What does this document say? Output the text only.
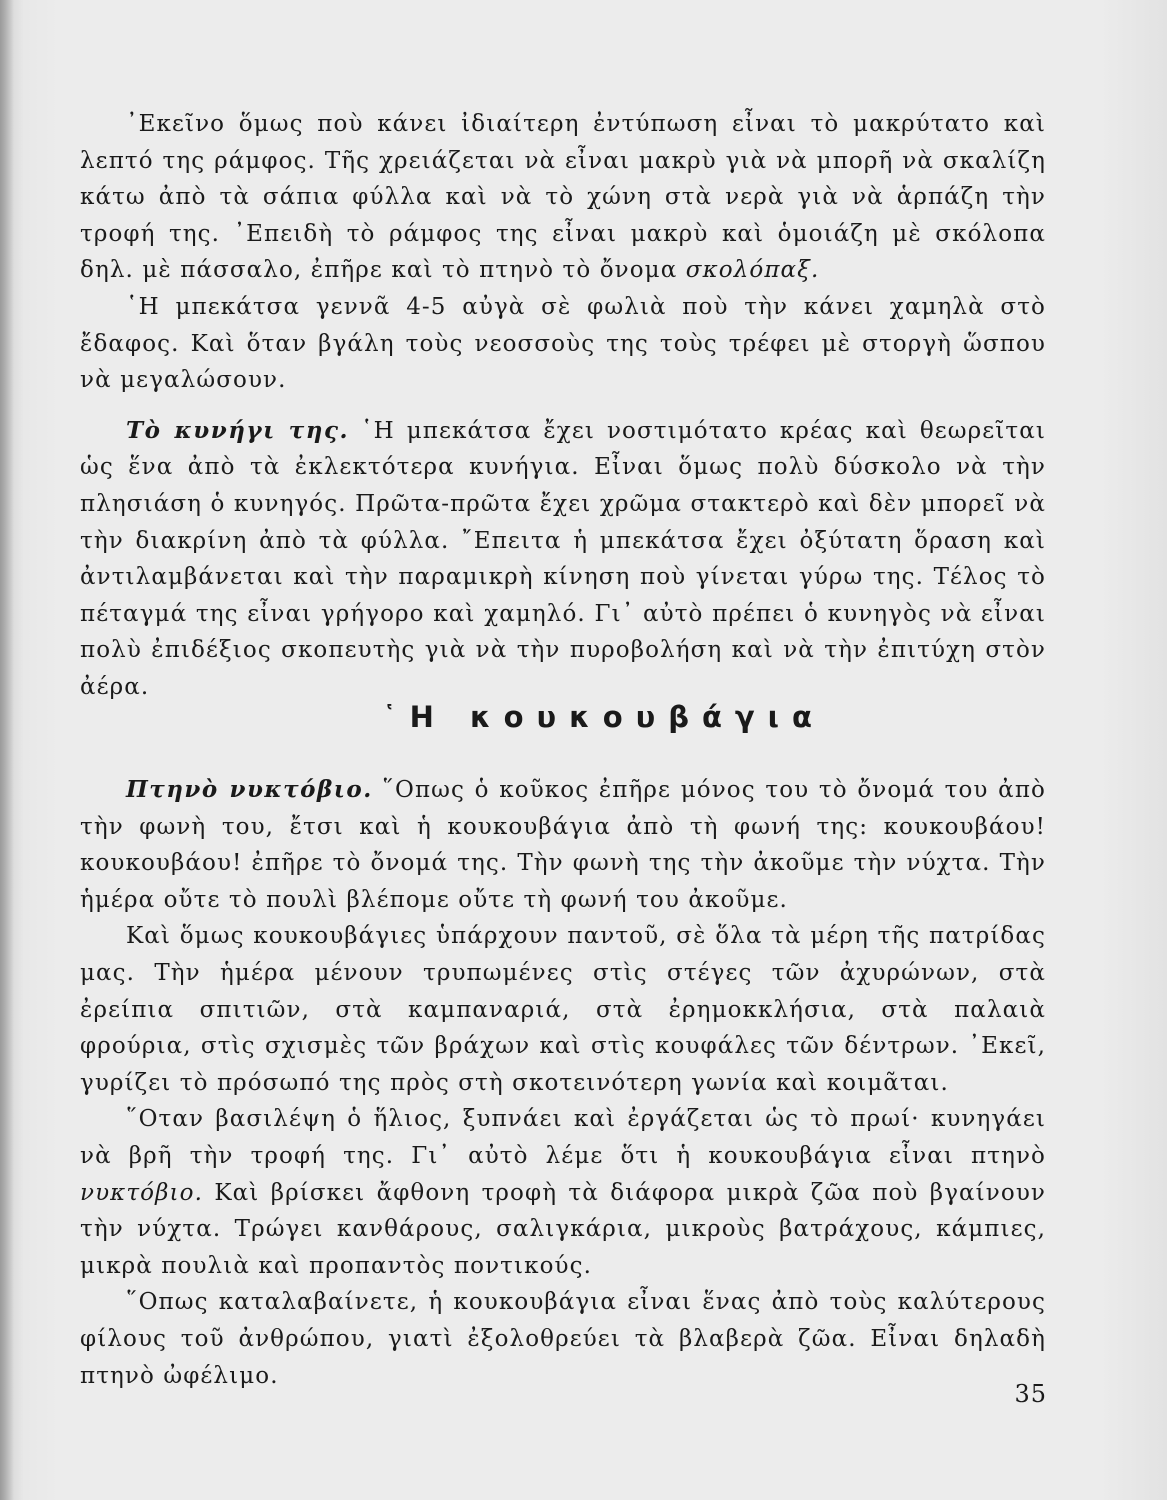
᾿Εκεῖνο ὅμως ποὺ κάνει ἰδιαίτερη ἐντύπωση εἶναι τὸ μακρύτατο καὶ λεπτό της ράμφος. Τῆς χρειάζεται νὰ εἶναι μακρὺ γιὰ νὰ μπορῆ νὰ σκαλίζη κάτω ἀπὸ τὰ σάπια φύλλα καὶ νὰ τὸ χώνη στὰ νερὰ γιὰ νὰ ἁρπάζη τὴν τροφή της. ᾿Επειδὴ τὸ ράμφος της εἶναι μακρὺ καὶ ὁμοιάζη μὲ σκόλοπα δηλ. μὲ πάσσαλο, ἐπῆρε καὶ τὸ πτηνὸ τὸ ὄνομα σκολόπαξ.

῾Η μπεκάτσα γεννᾶ 4-5 αὐγὰ σὲ φωλιὰ ποὺ τὴν κάνει χαμηλὰ στὸ ἔδαφος. Καὶ ὅταν βγάλη τοὺς νεοσσοὺς της τοὺς τρέφει μὲ στοργὴ ὥσπου νὰ μεγαλώσουν.

Τὸ κυνήγι της. ῾Η μπεκάτσα ἔχει νοστιμότατο κρέας καὶ θεωρεῖται ὡς ἕνα ἀπὸ τὰ ἐκλεκτότερα κυνήγια. Εἶναι ὅμως πολὺ δύσκολο νὰ τὴν πλησιάση ὁ κυνηγός. Πρῶτα-πρῶτα ἔχει χρῶμα στακτερὸ καὶ δὲν μπορεῖ νὰ τὴν διακρίνη ἀπὸ τὰ φύλλα. ῎Επειτα ἡ μπεκάτσα ἔχει ὀξύτατη ὅραση καὶ ἀντιλαμβάνεται καὶ τὴν παραμικρὴ κίνηση ποὺ γίνεται γύρω της. Τέλος τὸ πέταγμά της εἶναι γρήγορο καὶ χαμηλό. Γι᾿ αὐτὸ πρέπει ὁ κυνηγὸς νὰ εἶναι πολὺ ἐπιδέξιος σκοπευτὴς γιὰ νὰ τὴν πυροβολήση καὶ νὰ τὴν ἐπιτύχη στὸν ἀέρα.

῾Η κουκουβάγια

Πτηνὸ νυκτόβιο. ῞Οπως ὁ κοῦκος ἐπῆρε μόνος του τὸ ὄνομά του ἀπὸ τὴν φωνὴ του, ἔτσι καὶ ἡ κουκουβάγια ἀπὸ τὴ φωνή της: κουκουβάου! κουκουβάου! ἐπῆρε τὸ ὄνομά της. Τὴν φωνὴ της τὴν ἀκοῦμε τὴν νύχτα. Τὴν ἡμέρα οὔτε τὸ πουλὶ βλέπομε οὔτε τὴ φωνή του ἀκοῦμε.

Καὶ ὅμως κουκουβάγιες ὑπάρχουν παντοῦ, σὲ ὅλα τὰ μέρη τῆς πατρίδας μας. Τὴν ἡμέρα μένουν τρυπωμένες στὶς στέγες τῶν ἀχυρώνων, στὰ ἐρείπια σπιτιῶν, στὰ καμπαναριά, στὰ ἐρημοκκλήσια, στὰ παλαιὰ φρούρια, στὶς σχισμὲς τῶν βράχων καὶ στὶς κουφάλες τῶν δέντρων. ᾿Εκεῖ, γυρίζει τὸ πρόσωπό της πρὸς στὴ σκοτεινότερη γωνία καὶ κοιμᾶται.

῞Οταν βασιλέψη ὁ ἥλιος, ξυπνάει καὶ ἐργάζεται ὡς τὸ πρωί· κυνηγάει νὰ βρῆ τὴν τροφή της. Γι᾿ αὐτὸ λέμε ὅτι ἡ κουκουβάγια εἶναι πτηνὸ νυκτόβιο. Καὶ βρίσκει ἄφθονη τροφὴ τὰ διάφορα μικρὰ ζῶα ποὺ βγαίνουν τὴν νύχτα. Τρώγει κανθάρους, σαλιγκάρια, μικροὺς βατράχους, κάμπιες, μικρὰ πουλιὰ καὶ προπαντὸς ποντικούς.

῞Οπως καταλαβαίνετε, ἡ κουκουβάγια εἶναι ἕνας ἀπὸ τοὺς καλύτερους φίλους τοῦ ἀνθρώπου, γιατὶ ἐξολοθρεύει τὰ βλαβερὰ ζῶα. Εἶναι δηλαδὴ πτηνὸ ὠφέλιμο.

35
